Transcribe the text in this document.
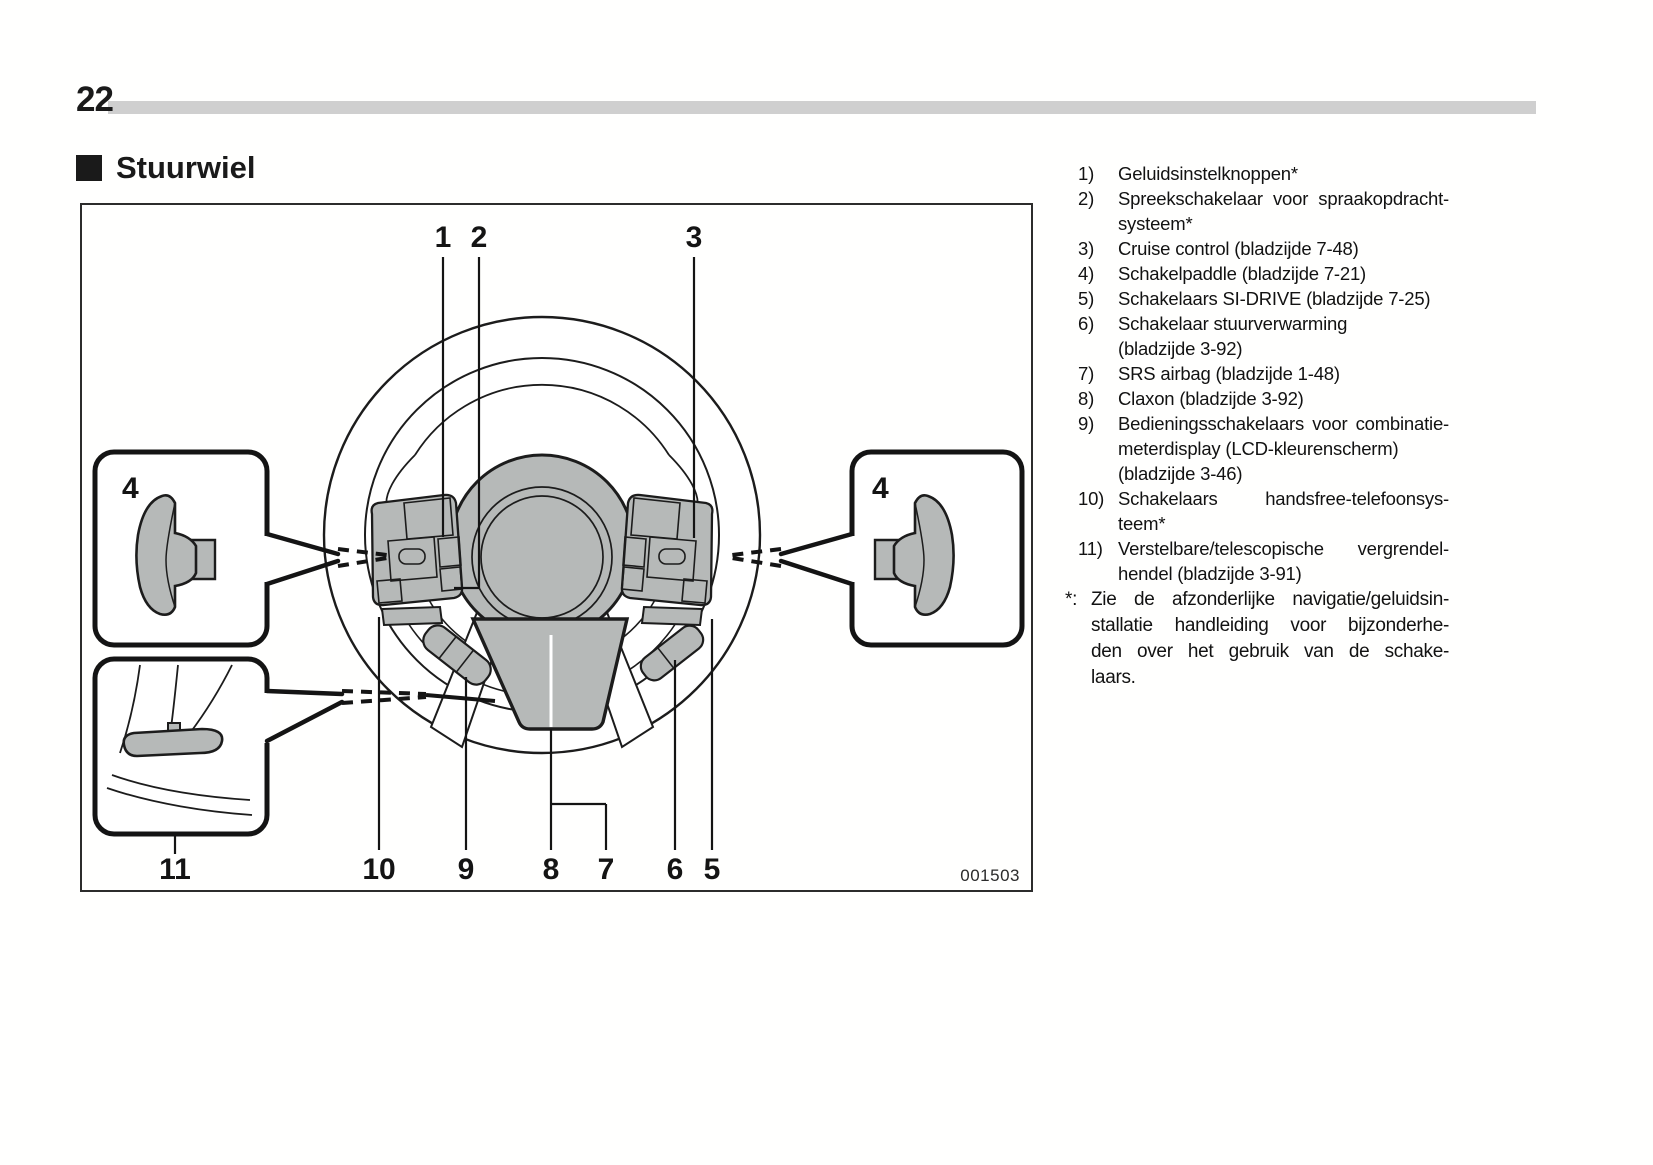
22
Stuurwiel
1 2	3
4	4
11	10 9 8 7 6 5	001503
1)	Geluidsinstelknoppen*
2)	Spreekschakelaar voor spraakopdracht-
systeem*
3)	Cruise control (bladzijde 7-48)
4)	Schakelpaddle (bladzijde 7-21)
5)	Schakelaars SI-DRIVE (bladzijde 7-25)
6)	Schakelaar stuurverwarming
(bladzijde 3-92)
7)	SRS airbag (bladzijde 1-48)
8)	Claxon (bladzijde 3-92)
9)	Bedieningsschakelaars voor combinatie-
meterdisplay (LCD-kleurenscherm)
(bladzijde 3-46)
10) Schakelaars handsfree-telefoonsys-
teem*
11) Verstelbare/telescopische vergrendel-
hendel (bladzijde 3-91)
*: Zie de afzonderlijke navigatie/geluidsin-
stallatie handleiding voor bijzonderhe-
den over het gebruik van de schake-
laars.
